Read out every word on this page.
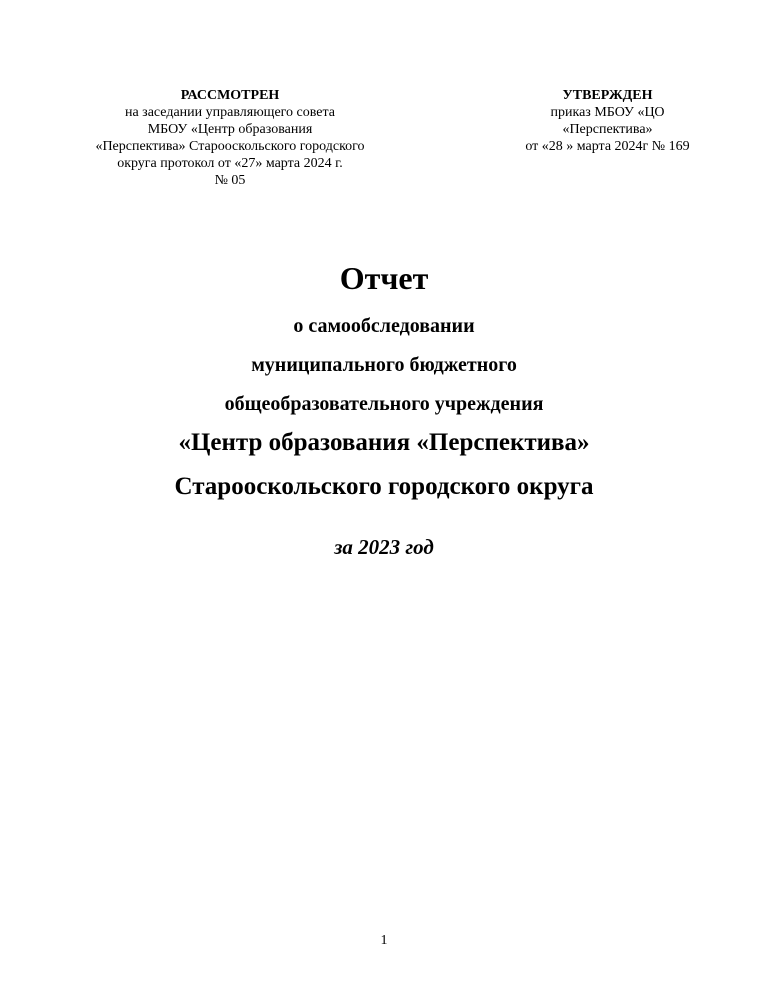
РАССМОТРЕН
на заседании управляющего совета
МБОУ «Центр образования
«Перспектива» Старооскольского городского
округа протокол от «27» марта 2024 г.
№ 05
УТВЕРЖДЕН
приказ МБОУ «ЦО
«Перспектива»
от «28 » марта 2024г № 169
Отчет
о самообследовании
муниципального бюджетного
общеобразовательного учреждения
«Центр образования «Перспектива»
Старооскольского городского округа
за 2023 год
1
